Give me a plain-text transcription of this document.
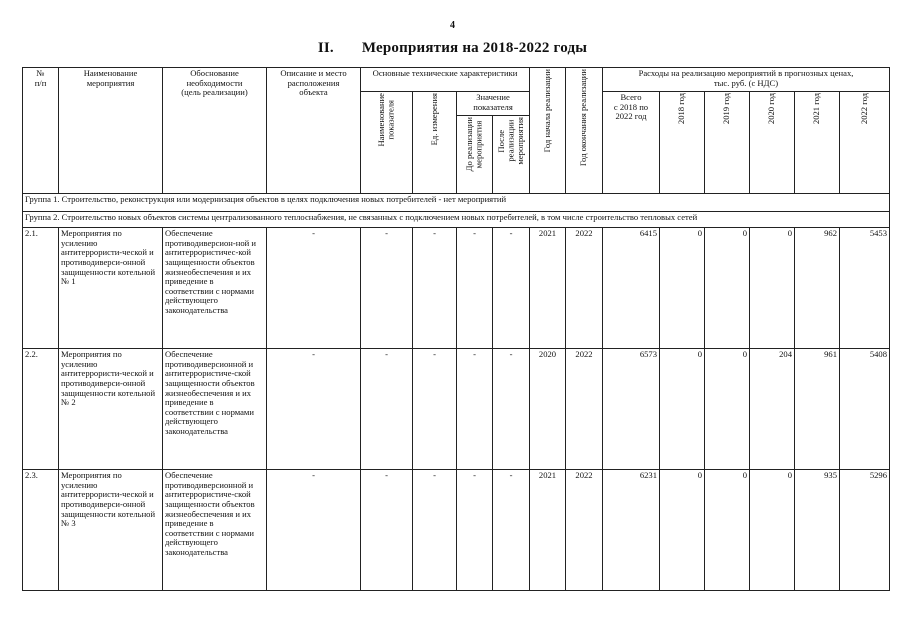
4
II. Мероприятия на 2018-2022 годы
№
п/п	Наименование
мероприятия	Обоснование
необходимости
(цель реализации)	Описание и место
расположения
объекта	Основные технические характеристики				Год начала реализации	Год окончания реализации	Расходы на реализацию мероприятий в прогнозных ценах,
тыс. руб. (с НДС)					

				Наименование
показателя	Ед. измерения	Значение
показателя				Всего
с 2018 по
2022 год	2018 год	2019 год	2020 год	2021 год	2022 год

						До реализации
мероприятия	После
реализации
мероприятия								

Группа 1. Строительство, реконструкция или модернизация объектов в целях подключения новых потребителей - нет мероприятий															
Группа 2. Строительство новых объектов системы централизованного теплоснабжения, не связанных с подключением новых потребителей, в том числе строительство тепловых сетей															
2.1.	Мероприятия по усилению антитеррористи-ческой и противодиверси-онной защищенности котельной № 1	Обеспечение противодиверсион-ной и антитеррористичес-кой защищенности объектов жизнеобеспечения и их приведение в соответствии с нормами действующего законодательства	-	-	-	-	-	2021	2022	6415	0	0	0	962	5453
2.2.	Мероприятия по усилению антитеррористи-ческой и противодиверси-онной защищенности котельной № 2	Обеспечение противодиверсионной и антитеррористиче-ской защищенности объектов жизнеобеспечения и их приведение в соответствии с нормами действующего законодательства	-	-	-	-	-	2020	2022	6573	0	0	204	961	5408
2.3.	Мероприятия по усилению антитеррористи-ческой и противодиверси-онной защищенности котельной № 3	Обеспечение противодиверсионной и антитеррористиче-ской защищенности объектов жизнеобеспечения и их приведение в соответствии с нормами действующего законодательства	-	-	-	-	-	2021	2022	6231	0	0	0	935	5296
